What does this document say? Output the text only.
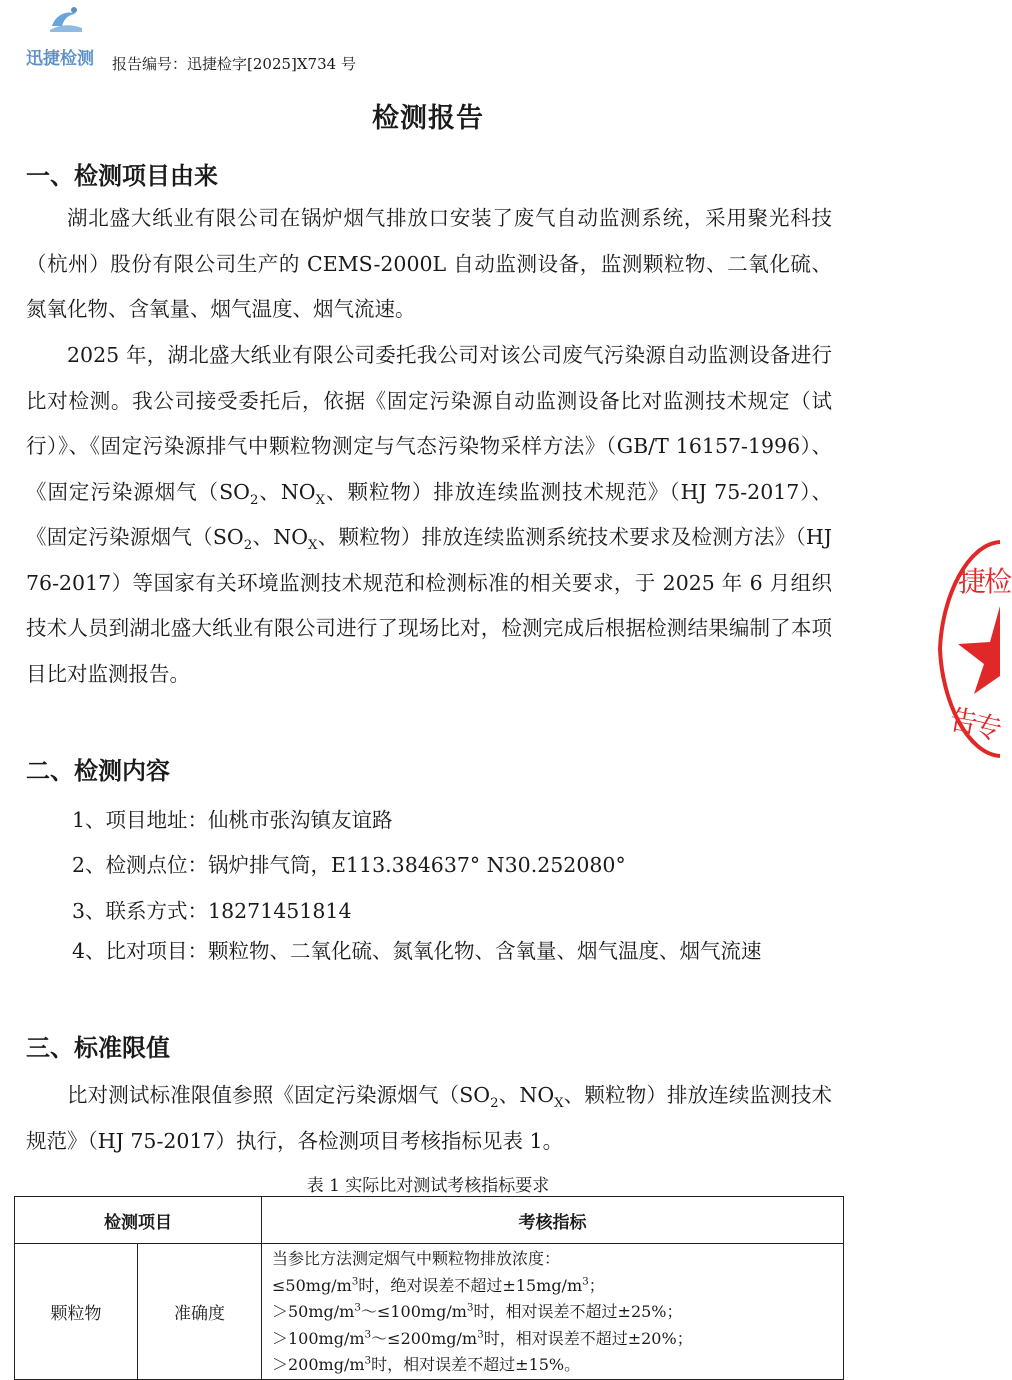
迅捷检测 报告编号：迅捷检字[2025]X734 号
检测报告
一、检测项目由来

湖北盛大纸业有限公司在锅炉烟气排放口安装了废气自动监测系统，采用聚光科技（杭州）股份有限公司生产的 CEMS-2000L 自动监测设备，监测颗粒物、二氧化硫、氮氧化物、含氧量、烟气温度、烟气流速。

2025 年，湖北盛大纸业有限公司委托我公司对该公司废气污染源自动监测设备进行比对检测。我公司接受委托后，依据《固定污染源自动监测设备比对监测技术规定（试行）》、《固定污染源排气中颗粒物测定与气态污染物采样方法》（GB/T 16157-1996）、《固定污染源烟气（$SO_2$、$NO_X$、颗粒物）排放连续监测技术规范》（HJ 75-2017）、《固定污染源烟气（$SO_2$、$NO_X$、颗粒物）排放连续监测系统技术要求及检测方法》（HJ 76-2017）等国家有关环境监测技术规范和检测标准的相关要求，于 2025 年 6 月组织技术人员到湖北盛大纸业有限公司进行了现场比对，检测完成后根据检测结果编制了本项目比对监测报告。

二、检测内容
1、项目地址：仙桃市张沟镇友谊路
2、检测点位：锅炉排气筒，E113.384637° N30.252080°
3、联系方式：18271451814

4、比对项目：颗粒物、二氧化硫、氮氧化物、含氧量、烟气温度、烟气流速

三、标准限值

比对测试标准限值参照《固定污染源烟气（$SO_2$、$NO_X$、颗粒物）排放连续监测技术规范》（HJ 75-2017）执行，各检测项目考核指标见表 1。

表 1 实际比对测试考核指标要求
检测项目		考核指标
颗粒物	准确度	当参比方法测定烟气中颗粒物排放浓度：
$\le 50mg/m^3$时，绝对误差不超过$\pm 15mg/m^3$；
$>50mg/m^3\sim\le 100mg/m^3$时，相对误差不超过±25%；
$>100mg/m^3\sim\le 200mg/m^3$时，相对误差不超过±20%；
$>200mg/m^3$时，相对误差不超过±15%。
捷
检
告
专
